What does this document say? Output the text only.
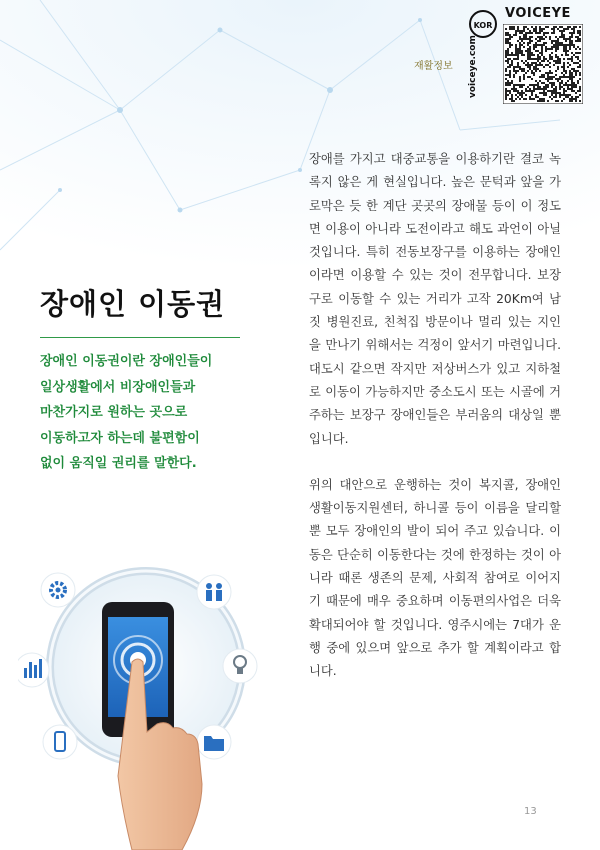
재활정보
KOR
VOICEYE
voiceye.com
장애인 이동권

장애인 이동권이란 장애인들이
일상생활에서 비장애인들과
마찬가지로 원하는 곳으로
이동하고자 하는데 불편함이
없이 움직일 권리를 말한다.

장애를 가지고 대중교통을 이용하기란 결코 녹록지 않은 게 현실입니다. 높은 문턱과 앞을 가로막은 듯 한 계단 곳곳의 장애물 등이 이 정도면 이용이 아니라 도전이라고 해도 과언이 아닐 것입니다. 특히 전동보장구를 이용하는 장애인이라면 이용할 수 있는 것이 전무합니다. 보장구로 이동할 수 있는 거리가 고작 20Km여 남짓 병원진료, 친척집 방문이나 멀리 있는 지인을 만나기 위해서는 걱정이 앞서기 마련입니다. 대도시 같으면 작지만 저상버스가 있고 지하철로 이동이 가능하지만 중소도시 또는 시골에 거주하는 보장구 장애인들은 부러움의 대상일 뿐입니다.

위의 대안으로 운행하는 것이 복지콜, 장애인 생활이동지원센터, 하니콜 등이 이름을 달리할 뿐 모두 장애인의 발이 되어 주고 있습니다. 이동은 단순히 이동한다는 것에 한정하는 것이 아니라 때론 생존의 문제, 사회적 참여로 이어지기 때문에 매우 중요하며 이동편의사업은 더욱 확대되어야 할 것입니다. 영주시에는 7대가 운행 중에 있으며 앞으로 추가 할 계획이라고 합니다.

13
